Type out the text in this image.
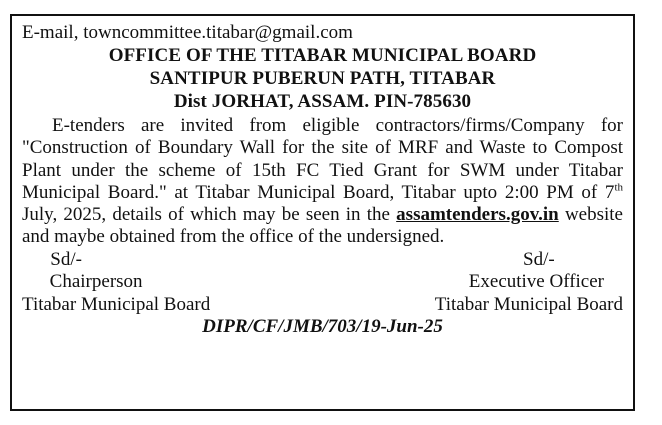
E-mail, towncommittee.titabar@gmail.com

OFFICE OF THE TITABAR MUNICIPAL BOARD

SANTIPUR PUBERUN PATH, TITABAR

Dist JORHAT, ASSAM. PIN-785630

E-tenders are invited from eligible contractors/firms/Company for "Construction of Boundary Wall for the site of MRF and Waste to Compost Plant under the scheme of 15th FC Tied Grant for SWM under Titabar Municipal Board." at Titabar Municipal Board, Titabar upto 2:00 PM of 7th July, 2025, details of which may be seen in the assamtenders.gov.in website and maybe obtained from the office of the undersigned.

Sd/-
Chairperson
Titabar Municipal Board
Sd/-
Executive Officer
Titabar Municipal Board
DIPR/CF/JMB/703/19-Jun-25
